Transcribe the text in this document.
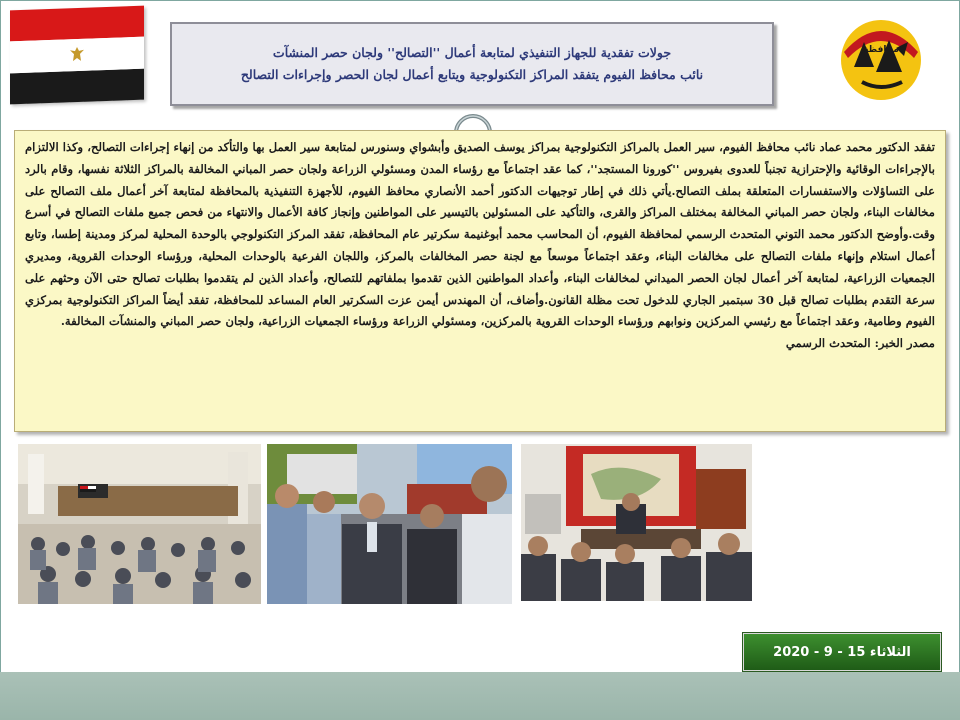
جولات تفقدية للجهاز التنفيذي لمتابعة أعمال ''التصالح'' ولجان حصر المنشآت
نائب محافظ الفيوم يتفقد المراكز التكنولوجية ويتابع أعمال لجان الحصر وإجراءات التصالح
ﻣﺤﺎﻓﻈﺔ
تفقد الدكتور محمد عماد نائب محافظ الفيوم، سير العمل بالمراكز التكنولوجية بمراكز يوسف الصديق وأبشواي وسنورس لمتابعة سير العمل بها والتأكد من إنهاء إجراءات التصالح، وكذا الالتزام بالإجراءات الوقائية والإحترازية تجنباً للعدوى بفيروس ''كورونا المستجد''، كما عقد اجتماعاً مع رؤساء المدن ومسئولي الزراعة ولجان حصر المباني المخالفة بالمراكز الثلاثة نفسها، وقام بالرد على التساؤلات والاستفسارات المتعلقة بملف التصالح.يأتي ذلك في إطار توجيهات الدكتور أحمد الأنصاري محافظ الفيوم، للأجهزة التنفيذية بالمحافظة لمتابعة آخر أعمال ملف التصالح على مخالفات البناء، ولجان حصر المباني المخالفة بمختلف المراكز والقرى، والتأكيد على المسئولين بالتيسير على المواطنين وإنجاز كافة الأعمال والانتهاء من فحص جميع ملفات التصالح في أسرع وقت.وأوضح الدكتور محمد التوني المتحدث الرسمي لمحافظة الفيوم، أن المحاسب محمد أبوغنيمة سكرتير عام المحافظة، تفقد المركز التكنولوجي بالوحدة المحلية لمركز ومدينة إطسا، وتابع أعمال استلام وإنهاء ملفات التصالح على مخالفات البناء، وعقد اجتماعاً موسعاً مع لجنة حصر المخالفات بالمركز، واللجان الفرعية بالوحدات المحلية، ورؤساء الوحدات القروية، ومديري الجمعيات الزراعية، لمتابعة آخر أعمال لجان الحصر الميداني لمخالفات البناء، وأعداد المواطنين الذين تقدموا بملفاتهم للتصالح، وأعداد الذين لم يتقدموا بطلبات تصالح حتى الآن وحثهم على سرعة التقدم بطلبات تصالح قبل 30 سبتمبر الجاري للدخول تحت مظلة القانون.وأضاف، أن المهندس أيمن عزت السكرتير العام المساعد للمحافظة، تفقد أيضاً المراكز التكنولوجية بمركزي الفيوم وطامية، وعقد اجتماعاً مع رئيسي المركزين ونوابهم ورؤساء الوحدات القروية بالمركزين، ومسئولي الزراعة ورؤساء الجمعيات الزراعية، ولجان حصر المباني والمنشآت المخالفة.
مصدر الخبر: المتحدث الرسمي
الثلاثاء 15 - 9 - 2020
